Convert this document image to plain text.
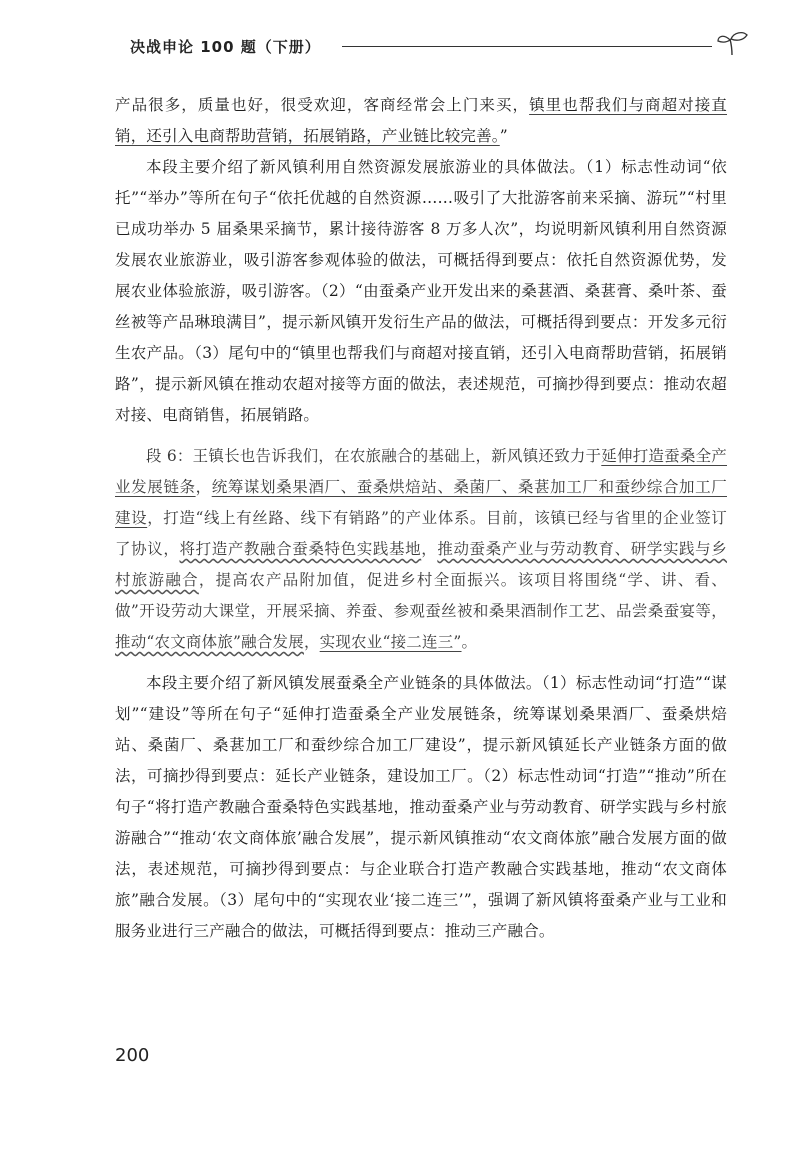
决战申论 100 题（下册）

产品很多，质量也好，很受欢迎，客商经常会上门来买，镇里也帮我们与商超对接直销，还引入电商帮助营销，拓展销路，产业链比较完善。”

本段主要介绍了新风镇利用自然资源发展旅游业的具体做法。（1）标志性动词“依托”“举办”等所在句子“依托优越的自然资源……吸引了大批游客前来采摘、游玩”“村里已成功举办 5 届桑果采摘节，累计接待游客 8 万多人次”，均说明新风镇利用自然资源发展农业旅游业，吸引游客参观体验的做法，可概括得到要点：依托自然资源优势，发展农业体验旅游，吸引游客。（2）“由蚕桑产业开发出来的桑葚酒、桑葚膏、桑叶茶、蚕丝被等产品琳琅满目”，提示新风镇开发衍生产品的做法，可概括得到要点：开发多元衍生农产品。（3）尾句中的“镇里也帮我们与商超对接直销，还引入电商帮助营销，拓展销路”，提示新风镇在推动农超对接等方面的做法，表述规范，可摘抄得到要点：推动农超对接、电商销售，拓展销路。

段 6：王镇长也告诉我们，在农旅融合的基础上，新风镇还致力于延伸打造蚕桑全产业发展链条，统筹谋划桑果酒厂、蚕桑烘焙站、桑菌厂、桑葚加工厂和蚕纱综合加工厂建设，打造“线上有丝路、线下有销路”的产业体系。目前，该镇已经与省里的企业签订了协议，将打造产教融合蚕桑特色实践基地，推动蚕桑产业与劳动教育、研学实践与乡村旅游融合，提高农产品附加值，促进乡村全面振兴。该项目将围绕“学、讲、看、做”开设劳动大课堂，开展采摘、养蚕、参观蚕丝被和桑果酒制作工艺、品尝桑蚕宴等，推动“农文商体旅”融合发展，实现农业“接二连三”。

本段主要介绍了新风镇发展蚕桑全产业链条的具体做法。（1）标志性动词“打造”“谋划”“建设”等所在句子“延伸打造蚕桑全产业发展链条，统筹谋划桑果酒厂、蚕桑烘焙站、桑菌厂、桑葚加工厂和蚕纱综合加工厂建设”，提示新风镇延长产业链条方面的做法，可摘抄得到要点：延长产业链条，建设加工厂。（2）标志性动词“打造”“推动”所在句子“将打造产教融合蚕桑特色实践基地，推动蚕桑产业与劳动教育、研学实践与乡村旅游融合”“推动‘农文商体旅’融合发展”，提示新风镇推动“农文商体旅”融合发展方面的做法，表述规范，可摘抄得到要点：与企业联合打造产教融合实践基地，推动“农文商体旅”融合发展。（3）尾句中的“实现农业‘接二连三’”，强调了新风镇将蚕桑产业与工业和服务业进行三产融合的做法，可概括得到要点：推动三产融合。

200
